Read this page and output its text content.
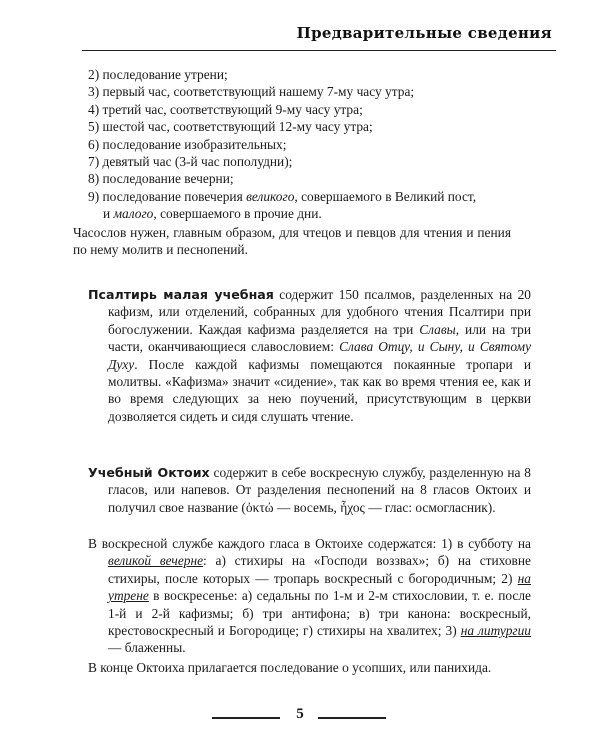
Предварительные сведения
2) последование утрени;
3) первый час, соответствующий нашему 7-му часу утра;
4) третий час, соответствующий 9-му часу утра;
5) шестой час, соответствующий 12-му часу утра;
6) последование изобразительных;
7) девятый час (3-й час пополудни);
8) последование вечерни;
9) последование повечерия великого, совершаемого в Великий пост,
и малого, совершаемого в прочие дни.
Часослов нужен, главным образом, для чтецов и певцов для чтения и пения по нему молитв и песнопений.
Псалтирь малая учебная содержит 150 псалмов, разделенных на 20 кафизм, или отделений, собранных для удобного чтения Псалтири при богослужении. Каждая кафизма разделяется на три Славы, или на три части, оканчивающиеся славословием: Слава Отцу, и Сыну, и Святому Духу. После каждой кафизмы помещаются покаянные тропари и молитвы. «Кафизма» значит «сидение», так как во время чтения ее, как и во время следующих за нею поучений, присутствующим в церкви дозволяется сидеть и сидя слушать чтение.
Учебный Октоих содержит в себе воскресную службу, разделенную на 8 гласов, или напевов. От разделения песнопений на 8 гласов Октоих и получил свое название (ὀκτώ — восемь, ἦχος — глас: осмогласник).
В воскресной службе каждого гласа в Октоихе содержатся: 1) в субботу на великой вечерне: а) стихиры на «Господи воззвах»; б) на стиховне стихиры, после которых — тропарь воскресный с богородичным; 2) на утрене в воскресенье: а) седальны по 1-м и 2-м стихословии, т. е. после 1-й и 2-й кафизмы; б) три антифона; в) три канона: воскресный, крестовоскресный и Богородице; г) стихиры на хвалитех; 3) на литургии — блаженны.
В конце Октоиха прилагается последование о усопших, или панихида.
5
